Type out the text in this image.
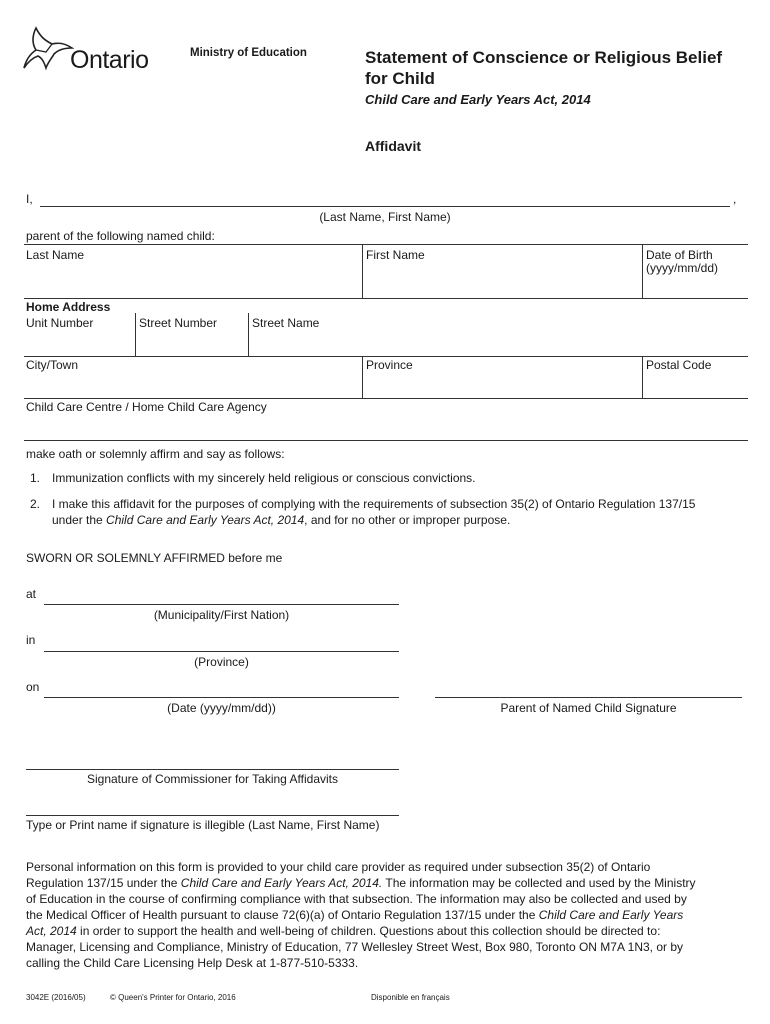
Ontario	Ministry of Education	Statement of Conscience or Religious Belief
for Child
Child Care and Early Years Act, 2014
Affidavit
I,	,
(Last Name, First Name)
parent of the following named child:
Last Name	First Name	Date of Birth
(yyyy/mm/dd)
Home Address
Unit Number	Street Number	Street Name
City/Town	Province	Postal Code
Child Care Centre / Home Child Care Agency
make oath or solemnly affirm and say as follows:
1. Immunization conflicts with my sincerely held religious or conscious convictions.
2. I make this affidavit for the purposes of complying with the requirements of subsection 35(2) of Ontario Regulation 137/15
under the Child Care and Early Years Act, 2014, and for no other or improper purpose.
SWORN OR SOLEMNLY AFFIRMED before me
at
(Municipality/First Nation)
in
(Province)
on
(Date (yyyy/mm/dd))	Parent of Named Child Signature
Signature of Commissioner for Taking Affidavits
Type or Print name if signature is illegible (Last Name, First Name)
Personal information on this form is provided to your child care provider as required under subsection 35(2) of Ontario
Regulation 137/15 under the Child Care and Early Years Act, 2014. The information may be collected and used by the Ministry
of Education in the course of confirming compliance with that subsection. The information may also be collected and used by
the Medical Officer of Health pursuant to clause 72(6)(a) of Ontario Regulation 137/15 under the Child Care and Early Years
Act, 2014 in order to support the health and well-being of children. Questions about this collection should be directed to:
Manager, Licensing and Compliance, Ministry of Education, 77 Wellesley Street West, Box 980, Toronto ON M7A 1N3, or by
calling the Child Care Licensing Help Desk at 1-877-510-5333.
3042E (2016/05)	© Queen's Printer for Ontario, 2016	Disponible en français
